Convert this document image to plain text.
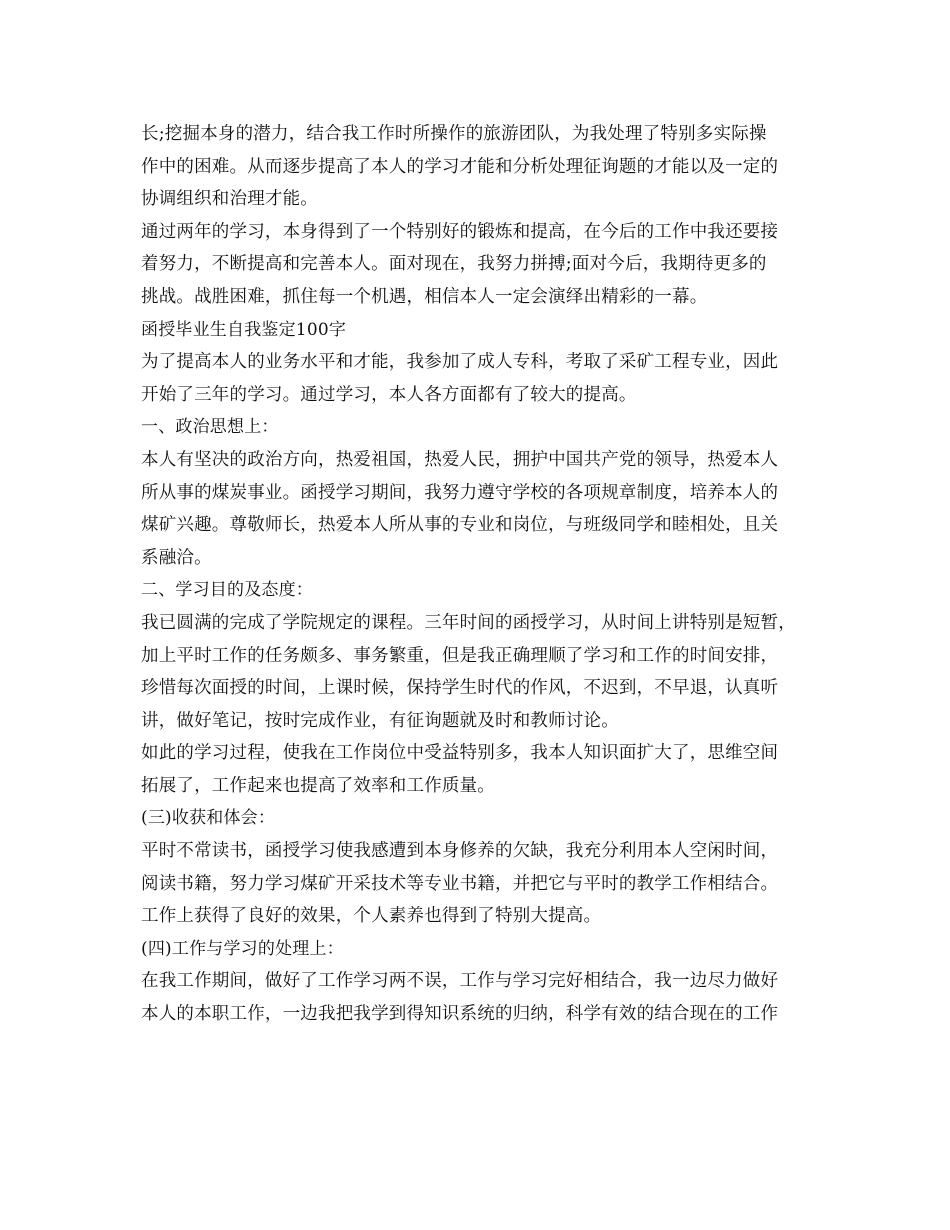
长;挖掘本身的潜力，结合我工作时所操作的旅游团队，为我处理了特别多实际操
作中的困难。从而逐步提高了本人的学习才能和分析处理征询题的才能以及一定的
协调组织和治理才能。
通过两年的学习，本身得到了一个特别好的锻炼和提高，在今后的工作中我还要接
着努力，不断提高和完善本人。面对现在，我努力拼搏;面对今后，我期待更多的
挑战。战胜困难，抓住每一个机遇，相信本人一定会演绎出精彩的一幕。
函授毕业生自我鉴定100字
为了提高本人的业务水平和才能，我参加了成人专科，考取了采矿工程专业，因此
开始了三年的学习。通过学习，本人各方面都有了较大的提高。
一、政治思想上：
本人有坚决的政治方向，热爱祖国，热爱人民，拥护中国共产党的领导，热爱本人
所从事的煤炭事业。函授学习期间，我努力遵守学校的各项规章制度，培养本人的
煤矿兴趣。尊敬师长，热爱本人所从事的专业和岗位，与班级同学和睦相处，且关
系融洽。
二、学习目的及态度：
我已圆满的完成了学院规定的课程。三年时间的函授学习，从时间上讲特别是短暂，
加上平时工作的任务颇多、事务繁重，但是我正确理顺了学习和工作的时间安排，
珍惜每次面授的时间，上课时候，保持学生时代的作风，不迟到，不早退，认真听
讲，做好笔记，按时完成作业，有征询题就及时和教师讨论。
如此的学习过程，使我在工作岗位中受益特别多，我本人知识面扩大了，思维空间
拓展了，工作起来也提高了效率和工作质量。
(三)收获和体会：
平时不常读书，函授学习使我感遭到本身修养的欠缺，我充分利用本人空闲时间，
阅读书籍，努力学习煤矿开采技术等专业书籍，并把它与平时的教学工作相结合。
工作上获得了良好的效果，个人素养也得到了特别大提高。
(四)工作与学习的处理上：
在我工作期间，做好了工作学习两不误，工作与学习完好相结合，我一边尽力做好
本人的本职工作，一边我把我学到得知识系统的归纳，科学有效的结合现在的工作
